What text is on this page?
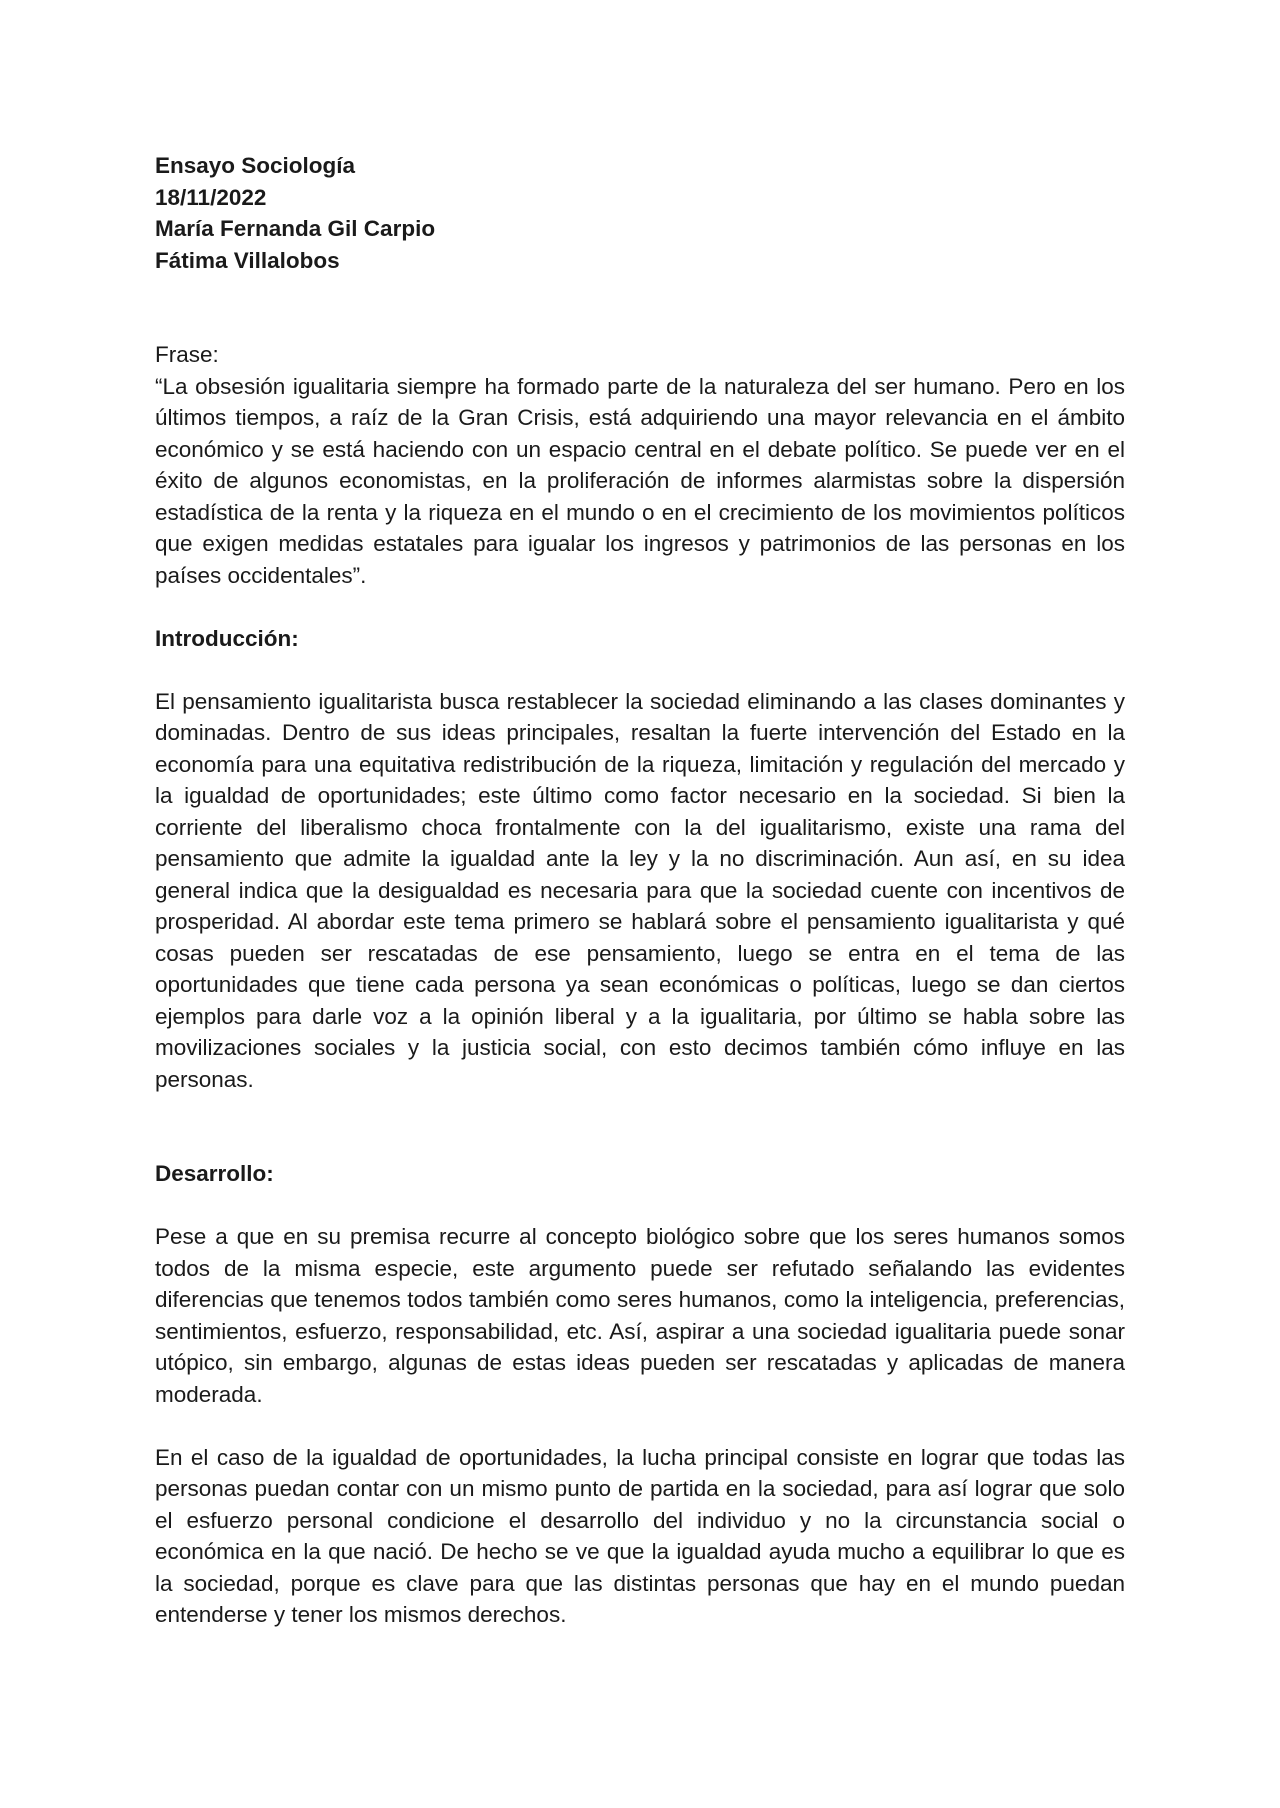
Ensayo Sociología
18/11/2022
María Fernanda Gil Carpio
Fátima Villalobos
Frase:

“La obsesión igualitaria siempre ha formado parte de la naturaleza del ser humano. Pero en los últimos tiempos, a raíz de la Gran Crisis, está adquiriendo una mayor relevancia en el ámbito económico y se está haciendo con un espacio central en el debate político. Se puede ver en el éxito de algunos economistas, en la proliferación de informes alarmistas sobre la dispersión estadística de la renta y la riqueza en el mundo o en el crecimiento de los movimientos políticos que exigen medidas estatales para igualar los ingresos y patrimonios de las personas en los países occidentales”.

Introducción:

El pensamiento igualitarista busca restablecer la sociedad eliminando a las clases dominantes y dominadas. Dentro de sus ideas principales, resaltan la fuerte intervención del Estado en la economía para una equitativa redistribución de la riqueza, limitación y regulación del mercado y la igualdad de oportunidades; este último como factor necesario en la sociedad. Si bien la corriente del liberalismo choca frontalmente con la del igualitarismo, existe una rama del pensamiento que admite la igualdad ante la ley y la no discriminación. Aun así, en su idea general indica que la desigualdad es necesaria para que la sociedad cuente con incentivos de prosperidad. Al abordar este tema primero se hablará sobre el pensamiento igualitarista y qué cosas pueden ser rescatadas de ese pensamiento, luego se entra en el tema de las oportunidades que tiene cada persona ya sean económicas o políticas, luego se dan ciertos ejemplos para darle voz a la opinión liberal y a la igualitaria, por último se habla sobre las movilizaciones sociales y la justicia social, con esto decimos también cómo influye en las personas.

Desarrollo:

Pese a que en su premisa recurre al concepto biológico sobre que los seres humanos somos todos de la misma especie, este argumento puede ser refutado señalando las evidentes diferencias que tenemos todos también como seres humanos, como la inteligencia, preferencias, sentimientos, esfuerzo, responsabilidad, etc. Así, aspirar a una sociedad igualitaria puede sonar utópico, sin embargo, algunas de estas ideas pueden ser rescatadas y aplicadas de manera moderada.

En el caso de la igualdad de oportunidades, la lucha principal consiste en lograr que todas las personas puedan contar con un mismo punto de partida en la sociedad, para así lograr que solo el esfuerzo personal condicione el desarrollo del individuo y no la circunstancia social o económica en la que nació. De hecho se ve que la igualdad ayuda mucho a equilibrar lo que es la sociedad, porque es clave para que las distintas personas que hay en el mundo puedan entenderse y tener los mismos derechos.
